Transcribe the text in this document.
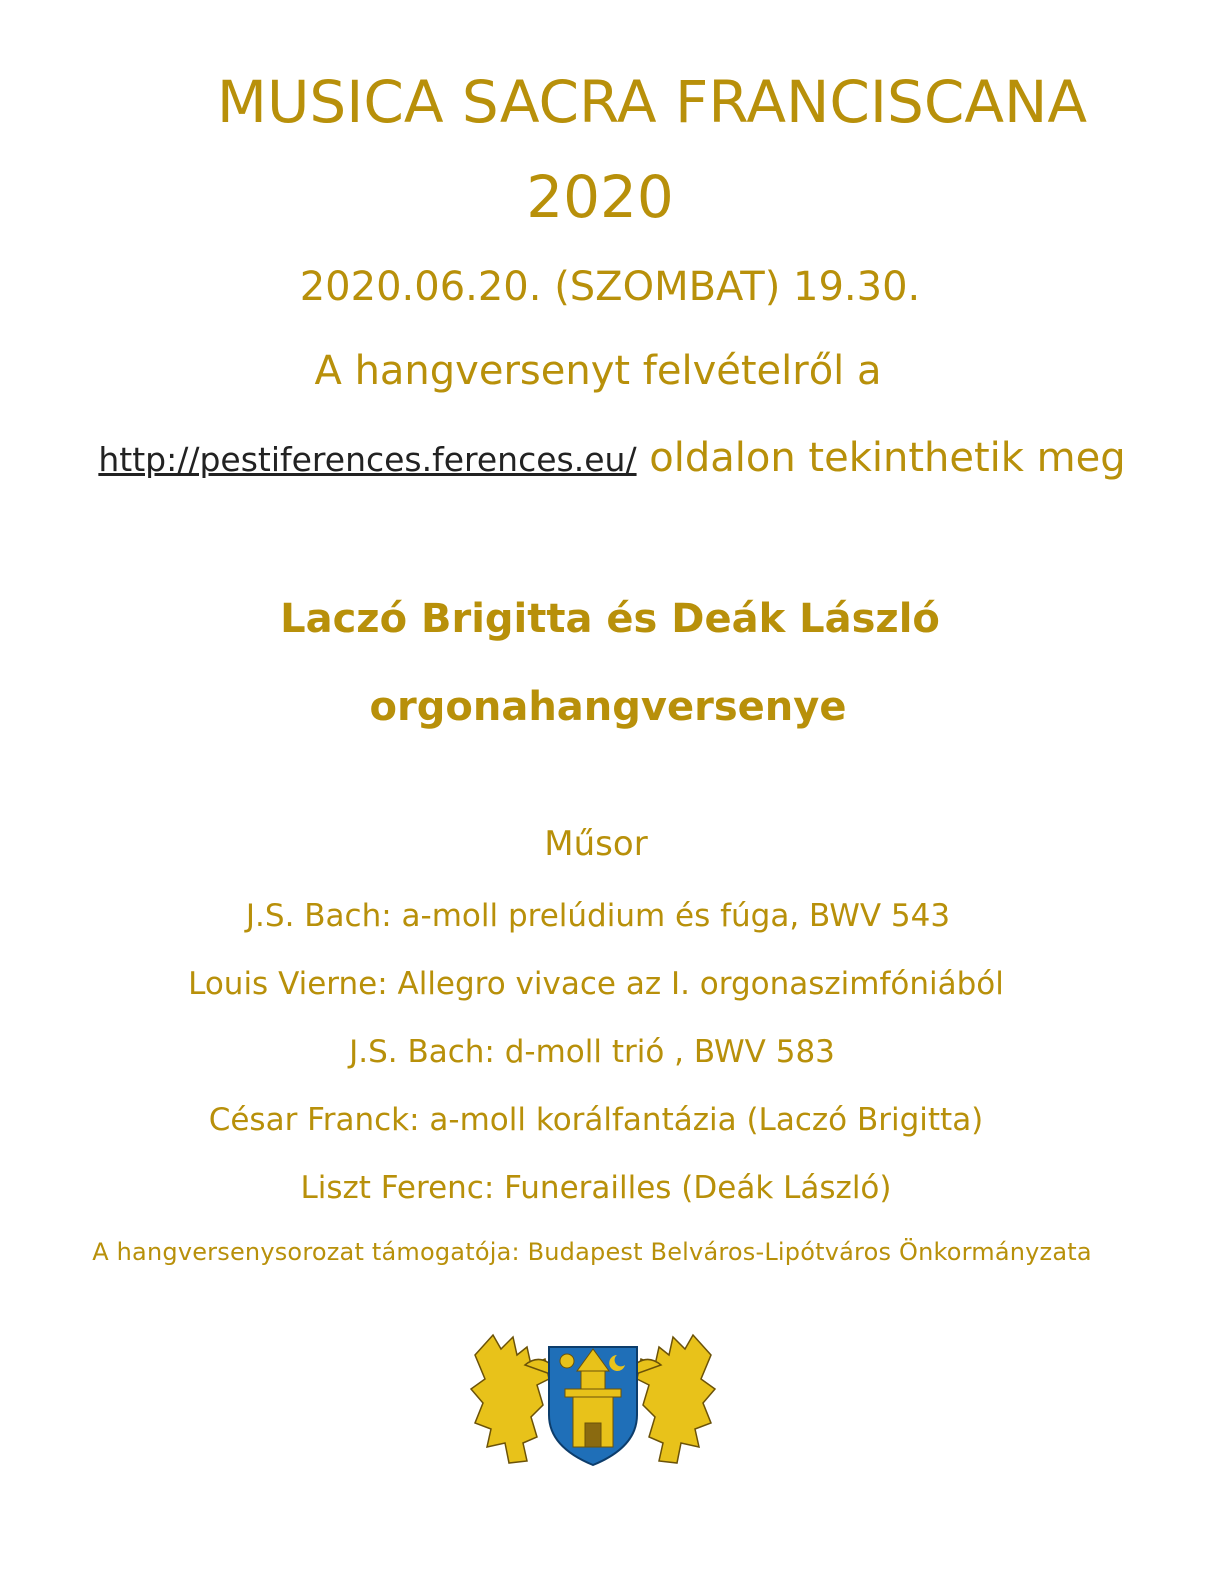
MUSICA SACRA FRANCISCANA
2020
2020.06.20. (SZOMBAT) 19.30.
A hangversenyt felvételről a
http://pestiferences.ferences.eu/ oldalon tekinthetik meg
Laczó Brigitta és Deák László
orgonahangversenye
Műsor
J.S. Bach: a-moll prelúdium és fúga, BWV 543
Louis Vierne: Allegro vivace az I. orgonaszimfóniából
J.S. Bach: d-moll trió , BWV 583
César Franck: a-moll korálfantázia (Laczó Brigitta)
Liszt Ferenc: Funerailles (Deák László)
A hangversenysorozat támogatója: Budapest Belváros-Lipótváros Önkormányzata
